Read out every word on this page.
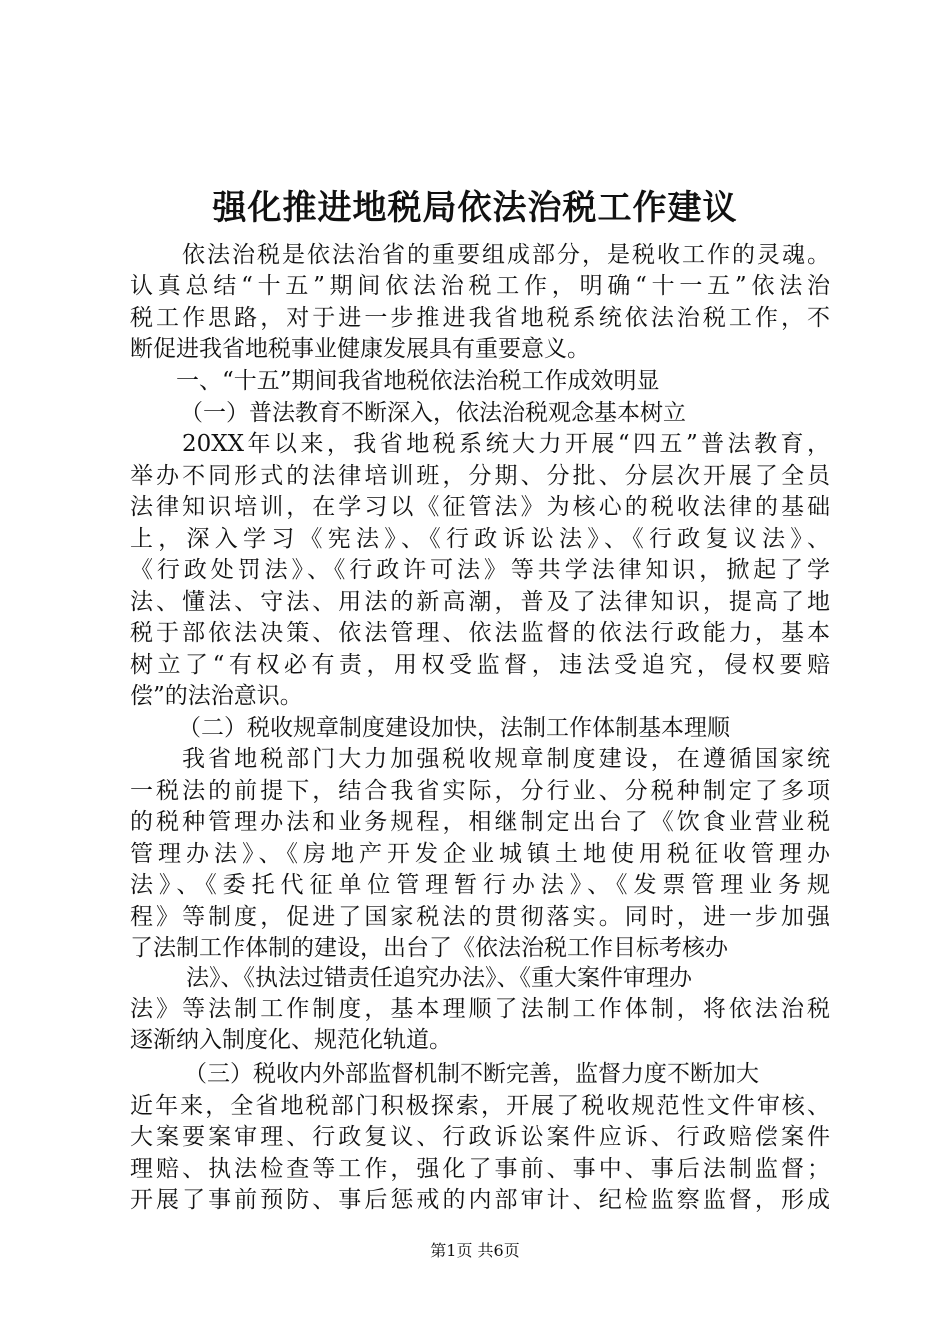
强化推进地税局依法治税工作建议
依法治税是依法治省的重要组成部分，是税收工作的灵魂。
认真总结“十五”期间依法治税工作，明确“十一五”依法治
税工作思路，对于进一步推进我省地税系统依法治税工作，不
断促进我省地税事业健康发展具有重要意义。
一、“十五”期间我省地税依法治税工作成效明显
（一）普法教育不断深入，依法治税观念基本树立
20XX年以来，我省地税系统大力开展“四五”普法教育，
举办不同形式的法律培训班，分期、分批、分层次开展了全员
法律知识培训，在学习以《征管法》为核心的税收法律的基础
上，深入学习《宪法》、《行政诉讼法》、《行政复议法》、
《行政处罚法》、《行政许可法》等共学法律知识，掀起了学
法、懂法、守法、用法的新高潮，普及了法律知识，提高了地
税于部依法决策、依法管理、依法监督的依法行政能力，基本
树立了“有权必有责，用权受监督，违法受追究，侵权要赔
偿”的法治意识。
（二）税收规章制度建设加快，法制工作体制基本理顺
我省地税部门大力加强税收规章制度建设，在遵循国家统
一税法的前提下，结合我省实际，分行业、分税种制定了多项
的税种管理办法和业务规程，相继制定出台了《饮食业营业税
管理办法》、《房地产开发企业城镇土地使用税征收管理办
法》、《委托代征单位管理暂行办法》、《发票管理业务规
程》等制度，促进了国家税法的贯彻落实。同时，进一步加强
了法制工作体制的建设，出台了《依法治税工作目标考核办
法》、《执法过错责任追究办法》、《重大案件审理办
法》等法制工作制度，基本理顺了法制工作体制，将依法治税
逐渐纳入制度化、规范化轨道。
（三）税收内外部监督机制不断完善，监督力度不断加大
近年来，全省地税部门积极探索，开展了税收规范性文件审核、
大案要案审理、行政复议、行政诉讼案件应诉、行政赔偿案件
理赔、执法检查等工作，强化了事前、事中、事后法制监督；
开展了事前预防、事后惩戒的内部审计、纪检监察监督，形成
第1页 共6页
